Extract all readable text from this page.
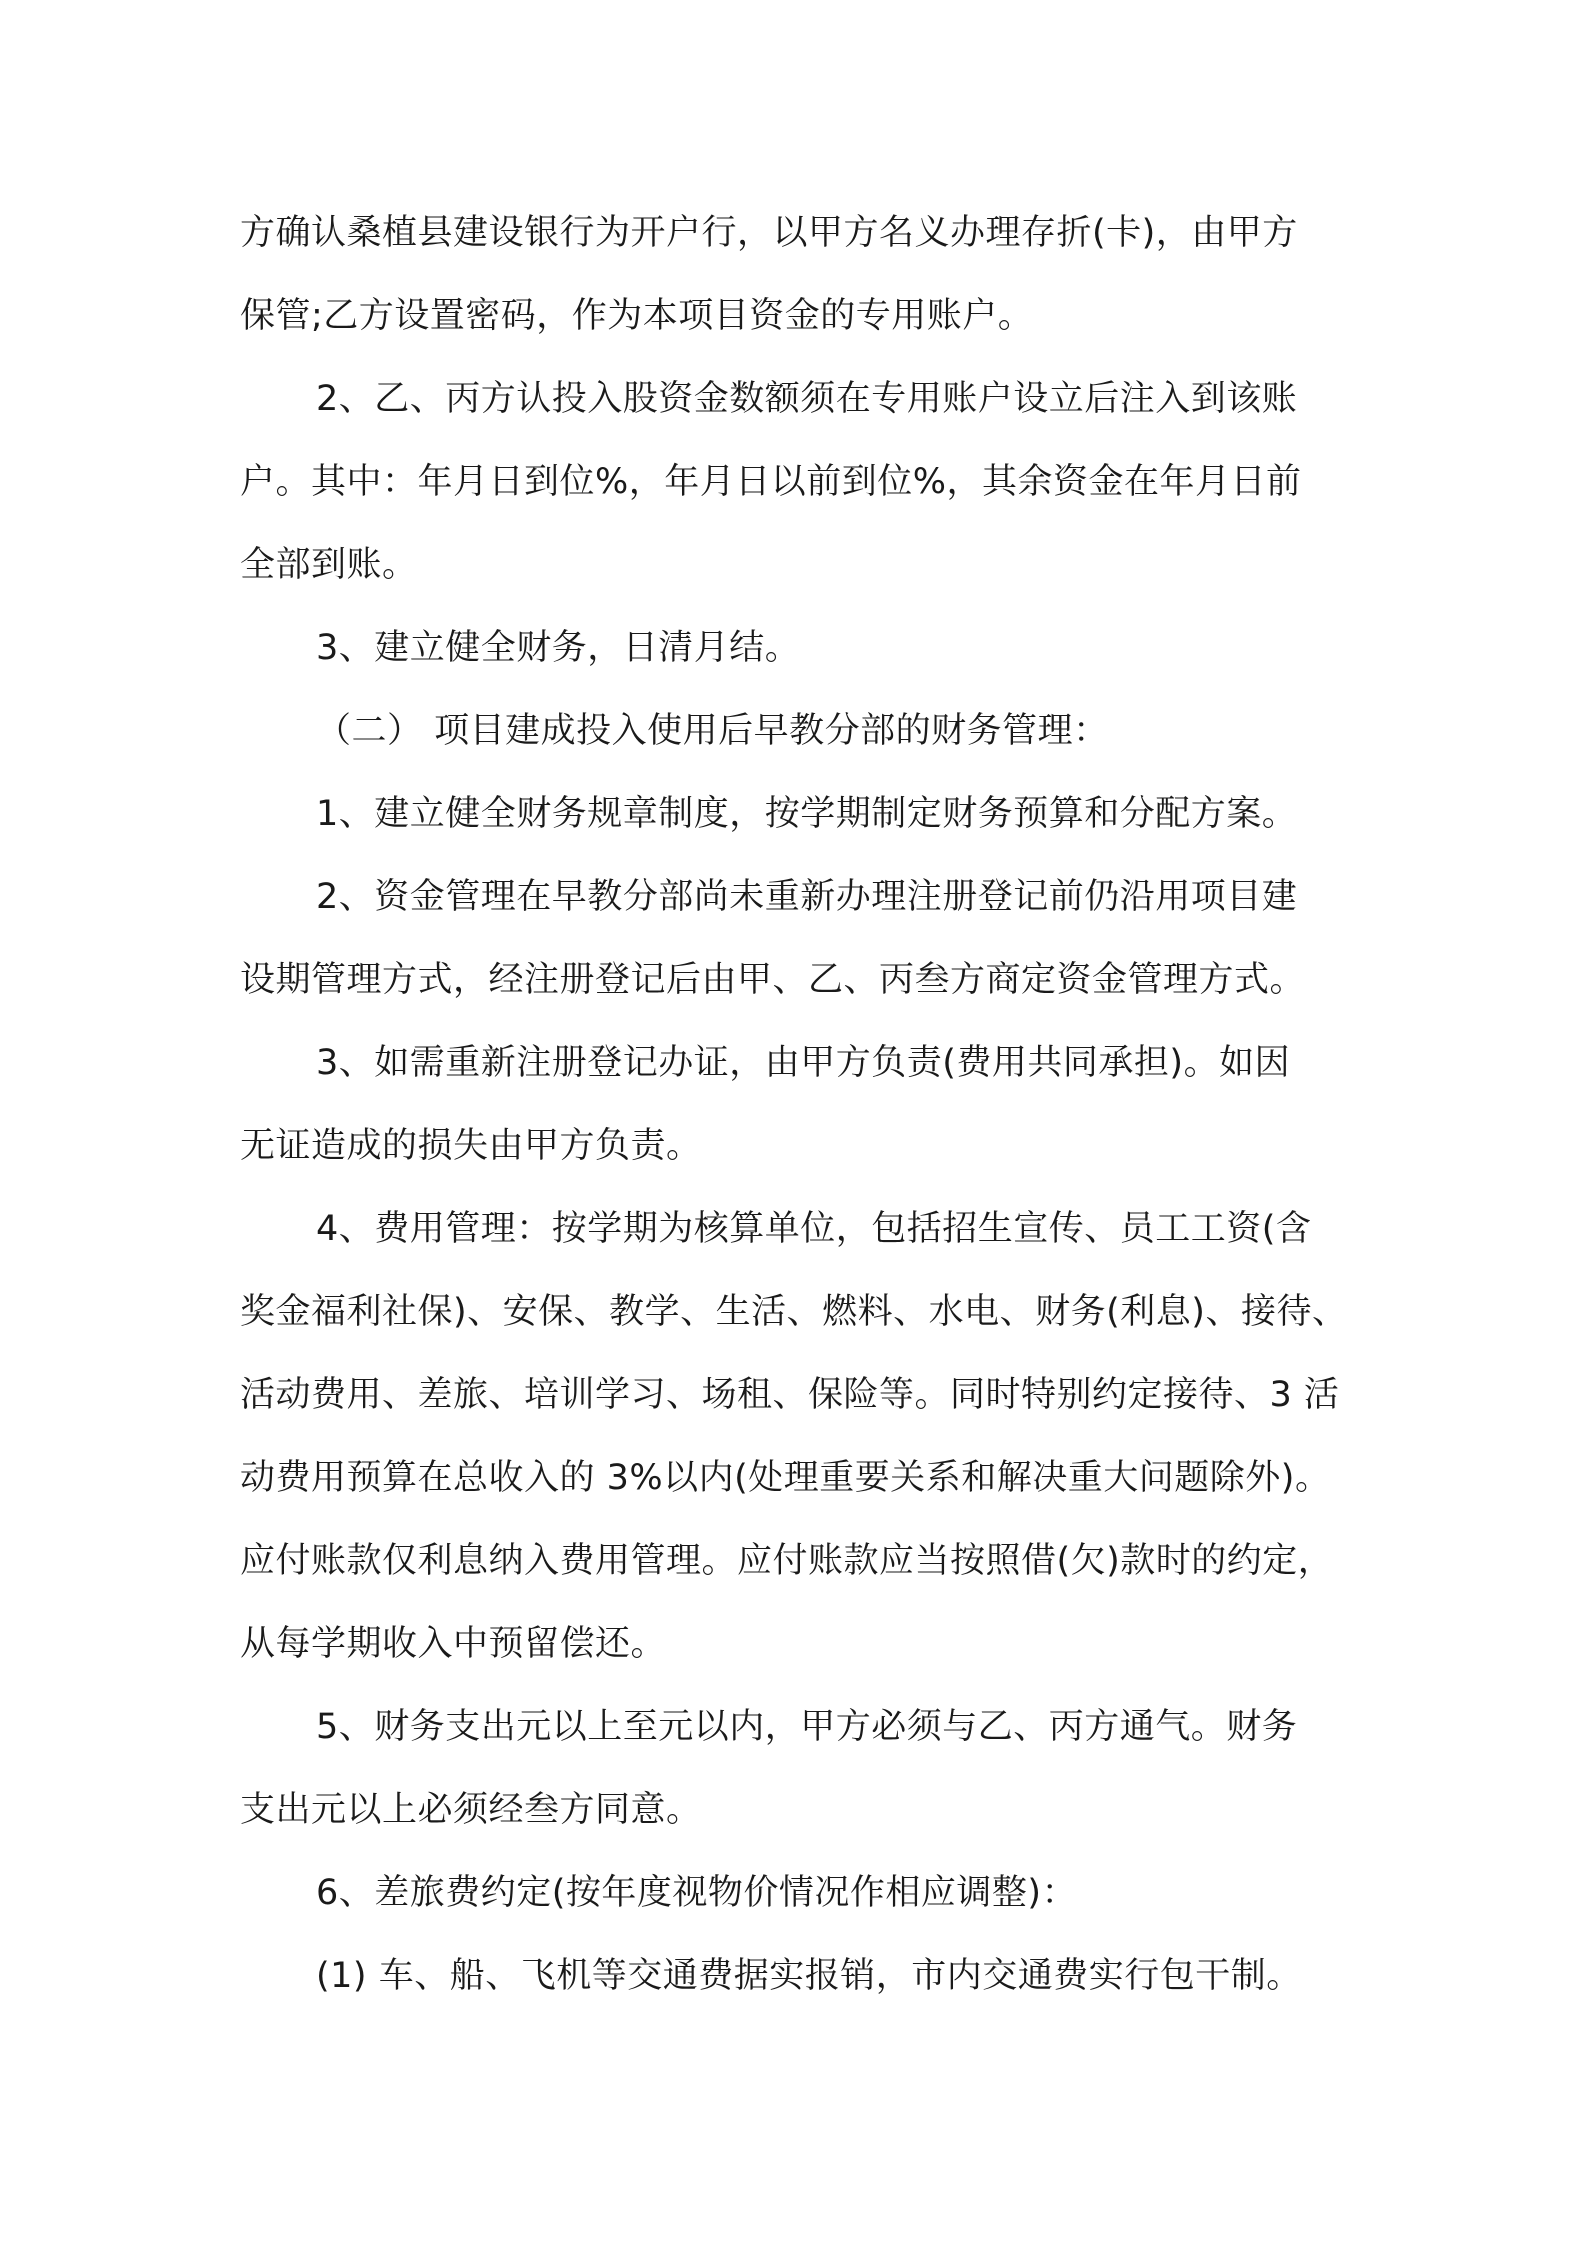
方确认桑植县建设银行为开户行，以甲方名义办理存折(卡)，由甲方
保管;乙方设置密码，作为本项目资金的专用账户。
2、乙、丙方认投入股资金数额须在专用账户设立后注入到该账
户。其中：年月日到位%，年月日以前到位%，其余资金在年月日前
全部到账。
3、建立健全财务，日清月结。
（二） 项目建成投入使用后早教分部的财务管理：
1、建立健全财务规章制度，按学期制定财务预算和分配方案。
2、资金管理在早教分部尚未重新办理注册登记前仍沿用项目建
设期管理方式，经注册登记后由甲、乙、丙叁方商定资金管理方式。
3、如需重新注册登记办证，由甲方负责(费用共同承担)。如因
无证造成的损失由甲方负责。
4、费用管理：按学期为核算单位，包括招生宣传、员工工资(含
奖金福利社保)、安保、教学、生活、燃料、水电、财务(利息)、接待、
活动费用、差旅、培训学习、场租、保险等。同时特别约定接待、3 活
动费用预算在总收入的 3%以内(处理重要关系和解决重大问题除外)。
应付账款仅利息纳入费用管理。应付账款应当按照借(欠)款时的约定，
从每学期收入中预留偿还。
5、财务支出元以上至元以内，甲方必须与乙、丙方通气。财务
支出元以上必须经叁方同意。
6、差旅费约定(按年度视物价情况作相应调整)：
(1) 车、船、飞机等交通费据实报销，市内交通费实行包干制。
